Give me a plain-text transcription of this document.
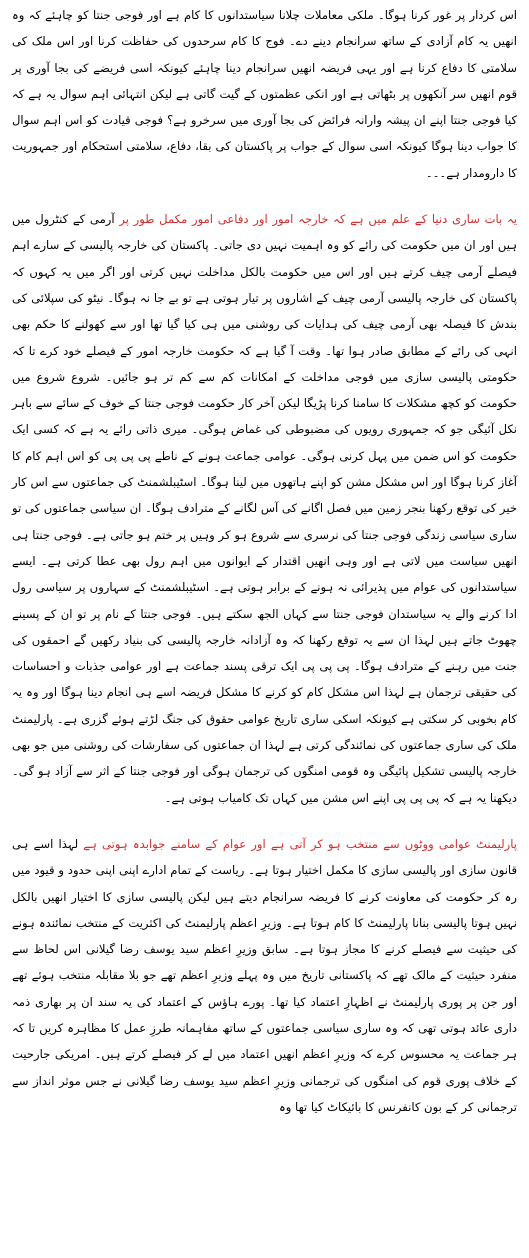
اس کردار پر غور کرنا ہوگا۔ ملکی معاملات چلانا سیاستدانوں کا کام ہے اور فوجی جنتا کو چاہئے کہ وہ انھیں یہ کام آزادی کے ساتھ سرانجام دینے دے۔ فوج کا کام سرحدوں کی حفاظت کرنا اور اس ملک کی سلامتی کا دفاع کرنا ہے اور یہی فریضہ انھیں سرانجام دینا چاہئے کیونکہ اسی فریضے کی بجا آوری پر قوم انھیں سر آنکھوں پر بٹھاتی ہے اور انکی عظمتوں کے گیت گاتی ہے لیکن انتہائی اہم سوال یہ ہے کہ کیا فوجی جنتا اپنے ان پیشہ وارانہ فرائض کی بجا آوری میں سرخرو ہے؟ فوجی قیادت کو اس اہم سوال کا جواب دینا ہوگا کیونکہ اسی سوال کے جواب پر پاکستان کی بقا، دفاع، سلامتی استحکام اور جمہوریت کا دارومدار ہے۔۔۔

یہ بات ساری دنیا کے علم میں ہے کہ خارجہ امور اور دفاعی امور مکمل طور پر آرمی کے کنٹرول میں ہیں اور ان میں حکومت کی رائے کو وہ اہمیت نہیں دی جاتی۔ پاکستان کی خارجہ پالیسی کے سارے اہم فیصلے آرمی چیف کرتے ہیں اور اس میں حکومت بالکل مداخلت نہیں کرتی اور اگر میں یہ کہوں کہ پاکستان کی خارجہ پالیسی آرمی چیف کے اشاروں پر تیار ہوتی ہے تو بے جا نہ ہوگا۔ نیٹو کی سپلائی کی بندش کا فیصلہ بھی آرمی چیف کی ہدایات کی روشنی میں ہی کیا گیا تھا اور سے کھولنے کا حکم بھی انہی کی رائے کے مطابق صادر ہوا تھا۔ وقت آ گیا ہے کہ حکومت خارجہ امور کے فیصلے خود کرے تا کہ حکومتی پالیسی سازی میں فوجی مداخلت کے امکانات کم سے کم تر ہو جائیں۔ شروع شروع میں حکومت کو کچھ مشکلات کا سامنا کرنا پڑیگا لیکن آخر کار حکومت فوجی جنتا کے خوف کے سائے سے باہر نکل آئیگی جو کہ جمہوری رویوں کی مضبوطی کی غماض ہوگی۔ میری ذاتی رائے یہ ہے کہ کسی ایک حکومت کو اس ضمن میں پہل کرنی ہوگی۔ عوامی جماعت ہونے کے ناطے پی پی پی کو اس اہم کام کا آغاز کرنا ہوگا اور اس مشکل مشن کو اپنے ہاتھوں میں لینا ہوگا۔ اسٹیبلشمنٹ کی جماعتوں سے اس کار خیر کی توقع رکھنا بنجر زمین میں فصل اگانے کی آس لگانے کے مترادف ہوگا۔ ان سیاسی جماعتوں کی تو ساری سیاسی زندگی فوجی جنتا کی نرسری سے شروع ہو کر وہیں پر ختم ہو جاتی ہے۔ فوجی جنتا ہی انھیں سیاست میں لاتی ہے اور وہی انھیں اقتدار کے ایوانوں میں اہم رول بھی عطا کرتی ہے۔ ایسے سیاستدانوں کی عوام میں پذیرائی نہ ہونے کے برابر ہوتی ہے۔ اسٹیبلشمنٹ کے سہاروں پر سیاسی رول ادا کرنے والے یہ سیاستدان فوجی جنتا سے کہاں الجھ سکتے ہیں۔ فوجی جنتا کے نام پر تو ان کے پسینے چھوٹ جاتے ہیں لہذا ان سے یہ توقع رکھنا کہ وہ آزادانہ خارجہ پالیسی کی بنیاد رکھیں گے احمقوں کی جنت میں رہنے کے مترادف ہوگا۔ پی پی پی ایک ترقی پسند جماعت ہے اور عوامی جذبات و احساسات کی حقیقی ترجمان ہے لہذا اس مشکل کام کو کرنے کا مشکل فریضہ اسے ہی انجام دینا ہوگا اور وہ یہ کام بخوبی کر سکتی ہے کیونکہ اسکی ساری تاریخ عوامی حقوق کی جنگ لڑتے ہوئے گزری ہے۔ پارلیمنٹ ملک کی ساری جماعتوں کی نمائندگی کرتی ہے لہذا ان جماعتوں کی سفارشات کی روشنی میں جو بھی خارجہ پالیسی تشکیل پائیگی وہ قومی امنگوں کی ترجمان ہوگی اور فوجی جنتا کے اثر سے آزاد ہو گی۔ دیکھنا یہ ہے کہ پی پی پی اپنے اس مشن میں کہاں تک کامیاب ہوتی ہے۔

پارلیمنٹ عوامی ووٹوں سے منتخب ہو کر آتی ہے اور عوام کے سامنے جوابدہ ہوتی ہے لہذا اسے ہی قانون سازی اور پالیسی سازی کا مکمل اختیار ہوتا ہے۔ ریاست کے تمام ادارے اپنی اپنی حدود و قیود میں رہ کر حکومت کی معاونت کرنے کا فریضہ سرانجام دیتے ہیں لیکن پالیسی سازی کا اختیار انھیں بالکل نہیں ہوتا پالیسی بنانا پارلیمنٹ کا کام ہوتا ہے۔ وزیرِ اعظم پارلیمنٹ کی اکثریت کے منتخب نمائندہ ہونے کی حیثیت سے فیصلے کرنے کا مجاز ہوتا ہے۔ سابق وزیرِ اعظم سید یوسف رضا گیلانی اس لحاظ سے منفرد حیثیت کے مالک تھے کہ پاکستانی تاریخ میں وہ پہلے وزیرِ اعظم تھے جو بلا مقابلہ منتخب ہوئے تھے اور جن پر پوری پارلیمنٹ نے اظہارِ اعتماد کیا تھا۔ پورے ہاؤس کے اعتماد کی یہ سند ان پر بھاری ذمہ داری عائد ہوتی تھی کہ وہ ساری سیاسی جماعتوں کے ساتھ مفاہمانہ طرزِ عمل کا مظاہرہ کریں تا کہ ہر جماعت یہ محسوس کرے کہ وزیرِ اعظم انھیں اعتماد میں لے کر فیصلے کرتے ہیں۔ امریکی جارحیت کے خلاف پوری قوم کی امنگوں کی ترجمانی وزیرِ اعظم سید یوسف رضا گیلانی نے جس موثر انداز سے ترجمانی کر کے بون کانفرنس کا بائیکاٹ کیا تھا وہ
